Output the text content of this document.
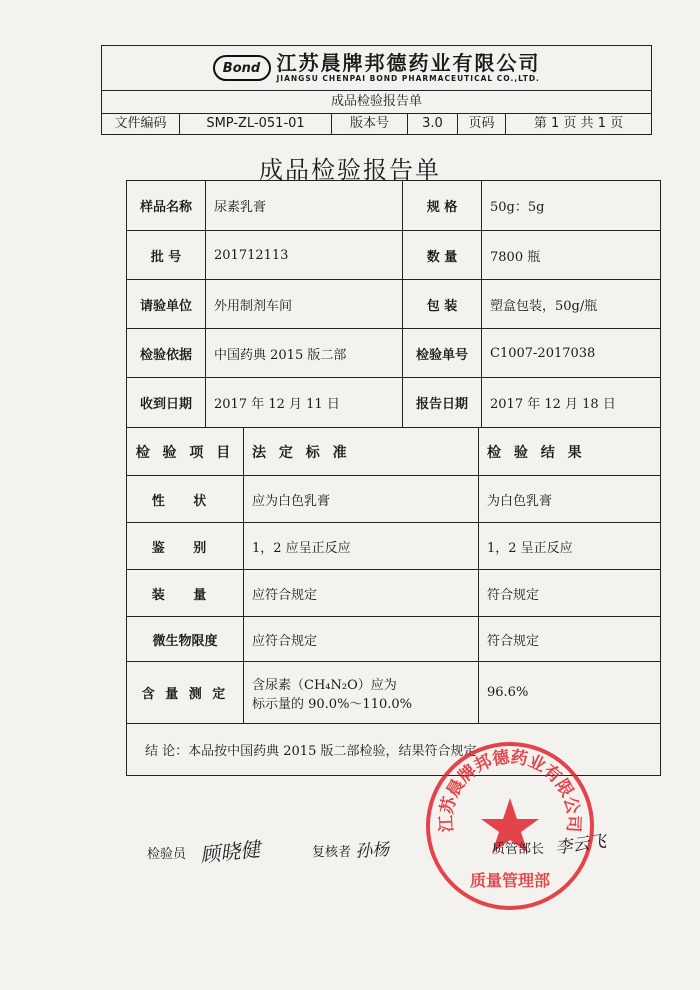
Bond 江苏晨牌邦德药业有限公司
JIANGSU CHENPAI BOND PHARMACEUTICAL CO.,LTD.
成品检验报告单
文件编码	SMP-ZL-051-01	版本号	3.0	页码	第 1 页 共 1 页
成品检验报告单
样品名称	尿素乳膏	规 格	50g：5g
批 号	201712113	数 量	7800 瓶
请验单位	外用制剂车间	包 装	塑盒包装，50g/瓶
检验依据	中国药典 2015 版二部	检验单号	C1007-2017038
收到日期	2017 年 12 月 11 日	报告日期	2017 年 12 月 18 日
检 验 项 目	法 定 标 准	检 验 结 果
性 状	应为白色乳膏	为白色乳膏
鉴 别	1，2 应呈正反应	1，2 呈正反应
装 量	应符合规定	符合规定
微生物限度	应符合规定	符合规定
含 量 测 定	含尿素（CH₄N₂O）应为
标示量的 90.0%～110.0%	96.6%
结 论：本品按中国药典 2015 版二部检验，结果符合规定		
江苏晨牌邦德药业有限公司
质量管理部
检验员 顾晓健	复核者 孙杨	质管部长 李云飞
